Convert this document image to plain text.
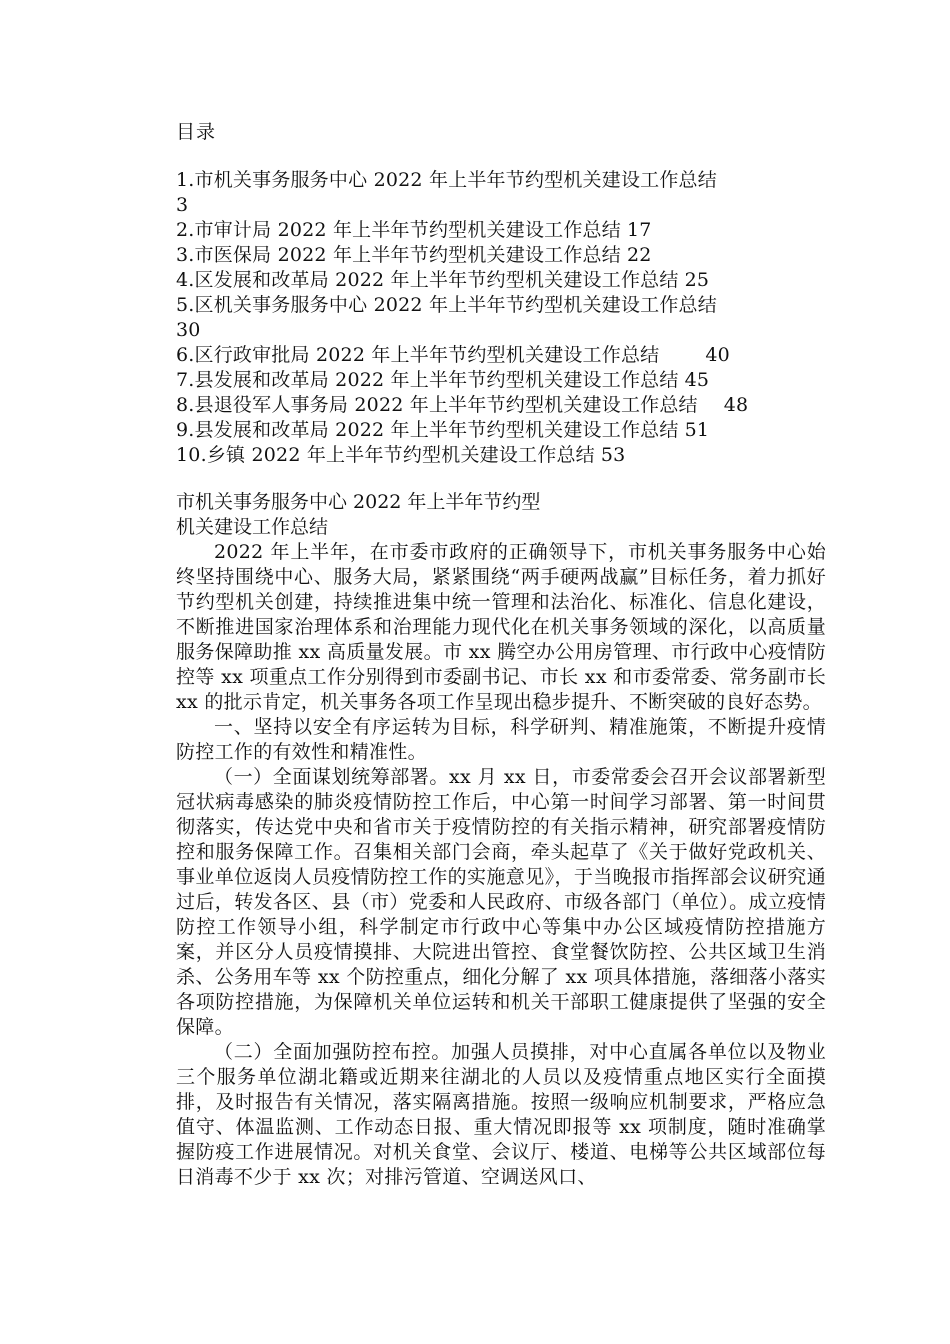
目录
1.市机关事务服务中心 2022 年上半年节约型机关建设工作总结
3
2.市审计局 2022 年上半年节约型机关建设工作总结 17
3.市医保局 2022 年上半年节约型机关建设工作总结 22
4.区发展和改革局 2022 年上半年节约型机关建设工作总结 25
5.区机关事务服务中心 2022 年上半年节约型机关建设工作总结
30
6.区行政审批局 2022 年上半年节约型机关建设工作总结 40
7.县发展和改革局 2022 年上半年节约型机关建设工作总结 45
8.县退役军人事务局 2022 年上半年节约型机关建设工作总结 48
9.县发展和改革局 2022 年上半年节约型机关建设工作总结 51
10.乡镇 2022 年上半年节约型机关建设工作总结 53
市机关事务服务中心 2022 年上半年节约型
机关建设工作总结

2022 年上半年，在市委市政府的正确领导下，市机关事务服务中心始终坚持围绕中心、服务大局，紧紧围绕“两手硬两战赢”目标任务，着力抓好节约型机关创建，持续推进集中统一管理和法治化、标准化、信息化建设，不断推进国家治理体系和治理能力现代化在机关事务领域的深化，以高质量服务保障助推 xx 高质量发展。市 xx 腾空办公用房管理、市行政中心疫情防控等 xx 项重点工作分别得到市委副书记、市长 xx 和市委常委、常务副市长 xx 的批示肯定，机关事务各项工作呈现出稳步提升、不断突破的良好态势。

一、坚持以安全有序运转为目标，科学研判、精准施策，不断提升疫情防控工作的有效性和精准性。

（一）全面谋划统筹部署。xx 月 xx 日，市委常委会召开会议部署新型冠状病毒感染的肺炎疫情防控工作后，中心第一时间学习部署、第一时间贯彻落实，传达党中央和省市关于疫情防控的有关指示精神，研究部署疫情防控和服务保障工作。召集相关部门会商，牵头起草了《关于做好党政机关、事业单位返岗人员疫情防控工作的实施意见》，于当晚报市指挥部会议研究通过后，转发各区、县（市）党委和人民政府、市级各部门（单位）。成立疫情防控工作领导小组，科学制定市行政中心等集中办公区域疫情防控措施方案，并区分人员疫情摸排、大院进出管控、食堂餐饮防控、公共区域卫生消杀、公务用车等 xx 个防控重点，细化分解了 xx 项具体措施，落细落小落实各项防控措施，为保障机关单位运转和机关干部职工健康提供了坚强的安全保障。

（二）全面加强防控布控。加强人员摸排，对中心直属各单位以及物业三个服务单位湖北籍或近期来往湖北的人员以及疫情重点地区实行全面摸排，及时报告有关情况，落实隔离措施。按照一级响应机制要求，严格应急值守、体温监测、工作动态日报、重大情况即报等 xx 项制度，随时准确掌握防疫工作进展情况。对机关食堂、会议厅、楼道、电梯等公共区域部位每日消毒不少于 xx 次；对排污管道、空调送风口、
